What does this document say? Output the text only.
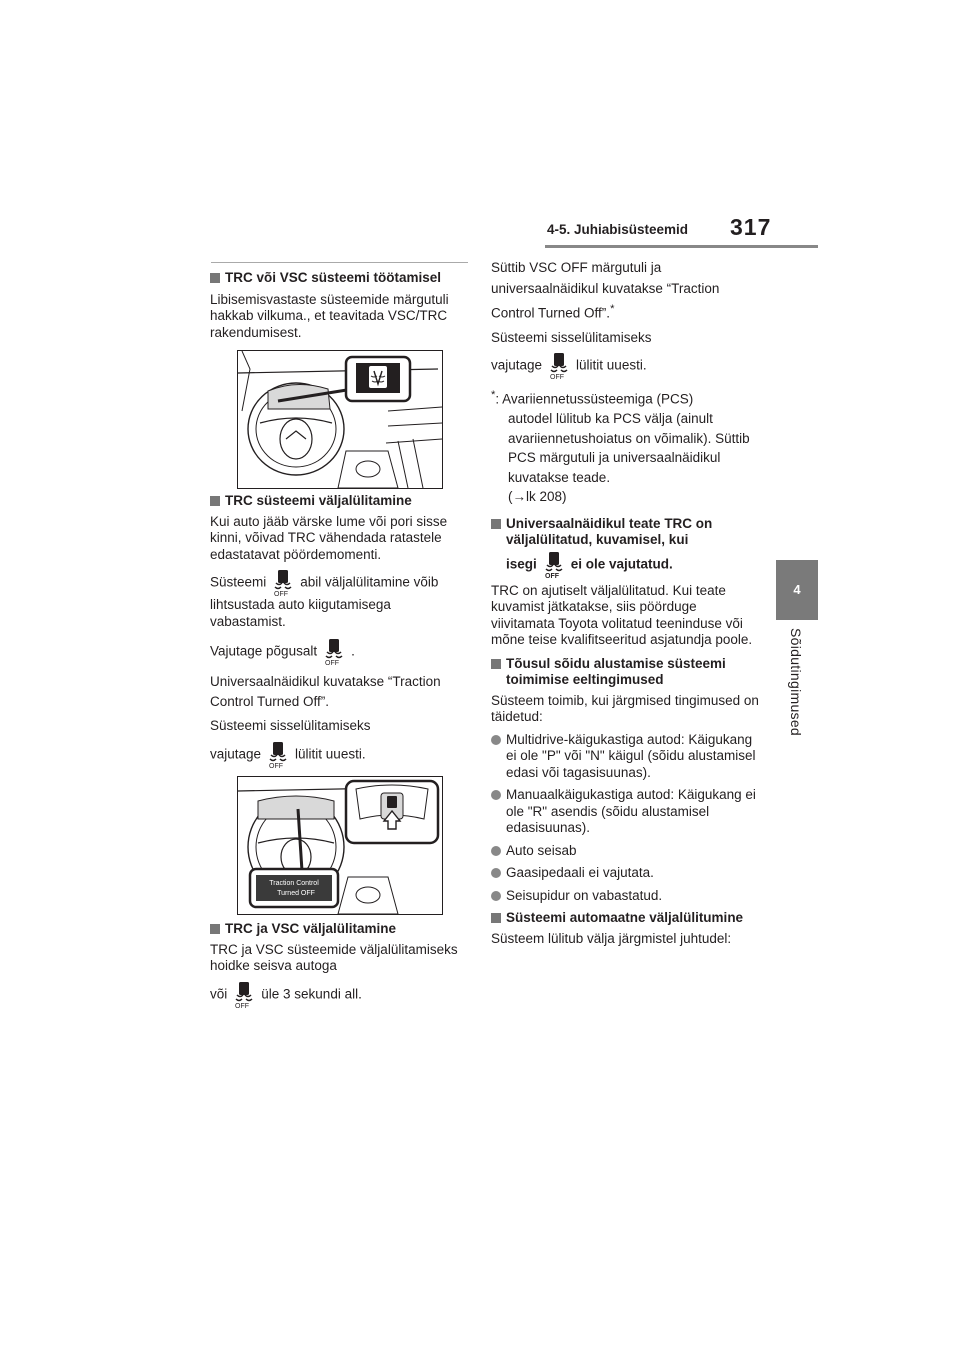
4-5. Juhiabisüsteemid 317
4
Sõidutingimused
TRC või VSC süsteemi töötamisel

Libisemisvastaste süsteemide märgutuli hakkab vilkuma., et teavitada VSC/TRC rakendumisest.

TRC süsteemi väljalülitamine

Kui auto jääb värske lume või pori sisse kinni, võivad TRC vähendada ratastele edastatavat pöördemomenti.

Süsteemi
OFF
abil väljalülitamine võib

lihtsustada auto kiigutamisega vabastamist.

Vajutage põgusalt
OFF
.

Universaalnäidikul kuvatakse “Traction Control Turned Off”.

Süsteemi sisselülitamiseks

vajutage
OFF
lülitit uuesti.

Traction Control
Turned OFF
TRC ja VSC väljalülitamine

TRC ja VSC süsteemide väljalülitamiseks hoidke seisva autoga

või
OFF
üle 3 sekundi all.

Süttib VSC OFF märgutuli ja universaalnäidikul kuvatakse “Traction Control Turned Off”.*

Süsteemi sisselülitamiseks

vajutage
OFF
lülitit uuesti.

*: Avariiennetussüsteemiga (PCS)

autodel lülitub ka PCS välja (ainult avariiennetushoiatus on võimalik). Süttib PCS märgutuli ja universaalnäidikul kuvatakse teade.

(→lk 208)

Universaalnäidikul teate TRC on väljalülitatud, kuvamisel, kui

isegi
OFF
ei ole vajutatud.

TRC on ajutiselt väljalülitatud. Kui teate kuvamist jätkatakse, siis pöörduge viivitamata Toyota volitatud teeninduse või mõne teise kvalifitseeritud asjatundja poole.

Tõusul sõidu alustamise süsteemi toimimise eeltingimused

Süsteem toimib, kui järgmised tingimused on täidetud:

Multidrive-käigukastiga autod: Käigukang ei ole "P" või "N" käigul (sõidu alustamisel edasi või tagasisuunas).
Manuaalkäigukastiga autod: Käigukang ei ole "R" asendis (sõidu alustamisel edasisuunas).
Auto seisab
Gaasipedaali ei vajutata.
Seisupidur on vabastatud.
Süsteemi automaatne väljalülitumine

Süsteem lülitub välja järgmistel juhtudel:
